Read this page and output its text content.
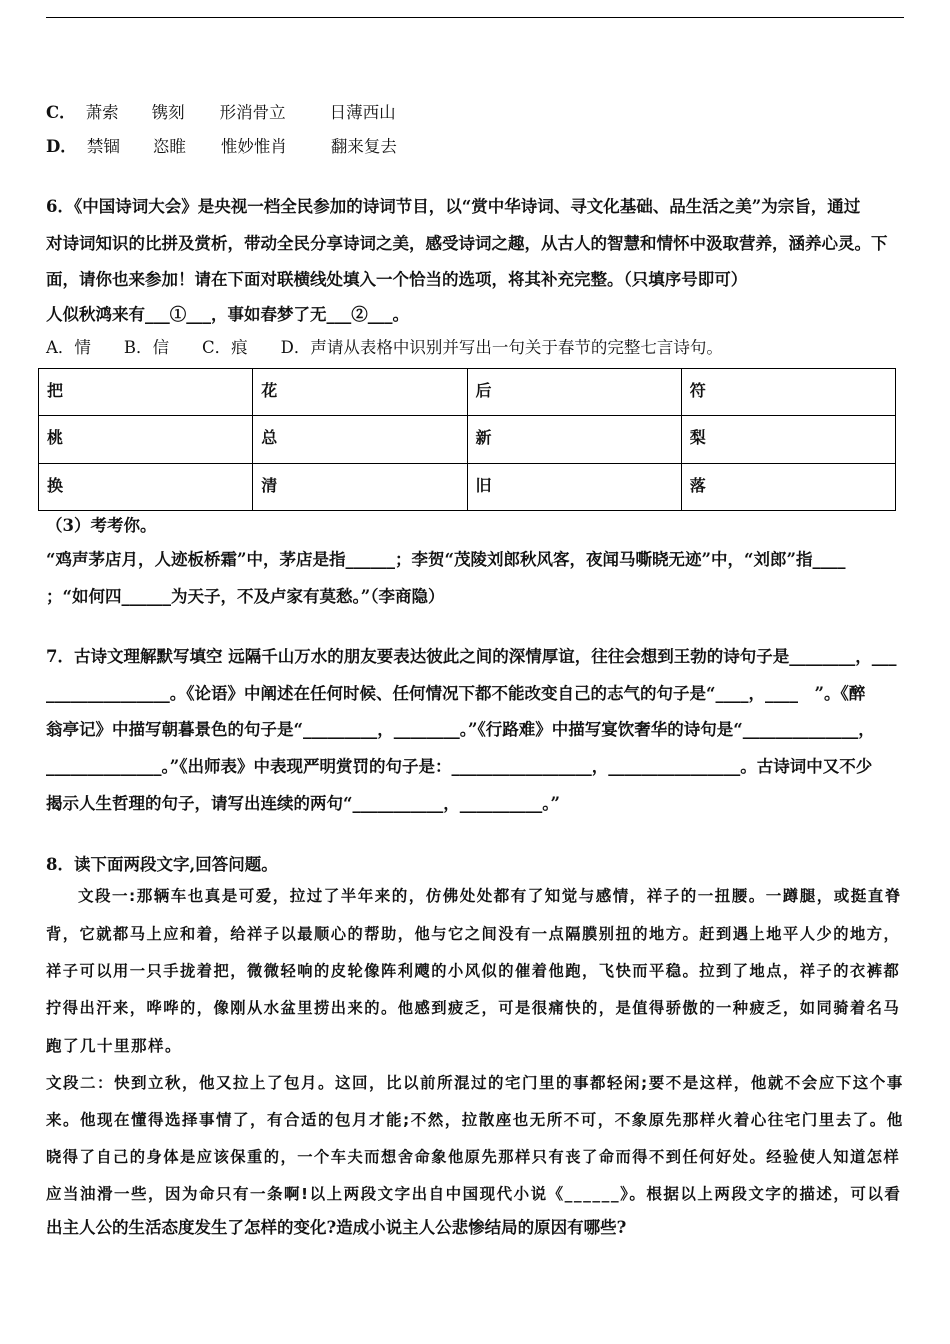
C． 萧索 镌刻 形消骨立	日薄西山
D． 禁锢 恣睢 惟妙惟肖	翻来复去
6．《中国诗词大会》是央视一档全民参加的诗词节目，以“赏中华诗词、寻文化基础、品生活之美”为宗旨，通过
对诗词知识的比拼及赏析，带动全民分享诗词之美，感受诗词之趣，从古人的智慧和情怀中汲取营养，涵养心灵。下
面，请你也来参加！请在下面对联横线处填入一个恰当的选项，将其补充完整。（只填序号即可）
人似秋鸿来有___①___，事如春梦了无___②___。
A．情　　B．信　　C．痕　　D．声请从表格中识别并写出一句关于春节的完整七言诗句。
把	花	后	符
桃	总	新	梨
换	清	旧	落
（3）考考你。
“鸡声茅店月，人迹板桥霜”中，茅店是指______；李贺“茂陵刘郎秋风客，夜闻马嘶晓无迹”中，“刘郎”指____
；“如何四______为天子，不及卢家有莫愁。”（李商隐）
7．古诗文理解默写填空 远隔千山万水的朋友要表达彼此之间的深情厚谊，往往会想到王勃的诗句子是________，___
_______________。《论语》中阐述在任何时候、任何情况下都不能改变自己的志气的句子是“____，____　”。《醉
翁亭记》中描写朝暮景色的句子是“_________，________。”《行路难》中描写宴饮奢华的诗句是“______________，
______________。”《出师表》中表现严明赏罚的句子是：_________________，________________。古诗词中又不少
揭示人生哲理的句子，请写出连续的两句“___________，__________。”
8．读下面两段文字,回答问题。
文段一:那辆车也真是可爱，拉过了半年来的，仿佛处处都有了知觉与感情，祥子的一扭腰。一蹲腿，或挺直脊
背，它就都马上应和着，给祥子以最顺心的帮助，他与它之间没有一点隔膜别扭的地方。赶到遇上地平人少的地方，
祥子可以用一只手拢着把，微微轻响的皮轮像阵利飕的小风似的催着他跑，飞快而平稳。拉到了地点，祥子的衣裤都
拧得出汗来，哗哗的，像刚从水盆里捞出来的。他感到疲乏，可是很痛快的，是值得骄傲的一种疲乏，如同骑着名马
跑了几十里那样。
文段二：快到立秋，他又拉上了包月。这回，比以前所混过的宅门里的事都轻闲;要不是这样，他就不会应下这个事
来。他现在懂得选择事情了，有合适的包月才能;不然，拉散座也无所不可，不象原先那样火着心往宅门里去了。他
晓得了自己的身体是应该保重的，一个车夫而想舍命象他原先那样只有丧了命而得不到任何好处。经验使人知道怎样
应当油滑一些，因为命只有一条啊!以上两段文字出自中国现代小说《______》。根据以上两段文字的描述，可以看
出主人公的生活态度发生了怎样的变化?造成小说主人公悲惨结局的原因有哪些?
